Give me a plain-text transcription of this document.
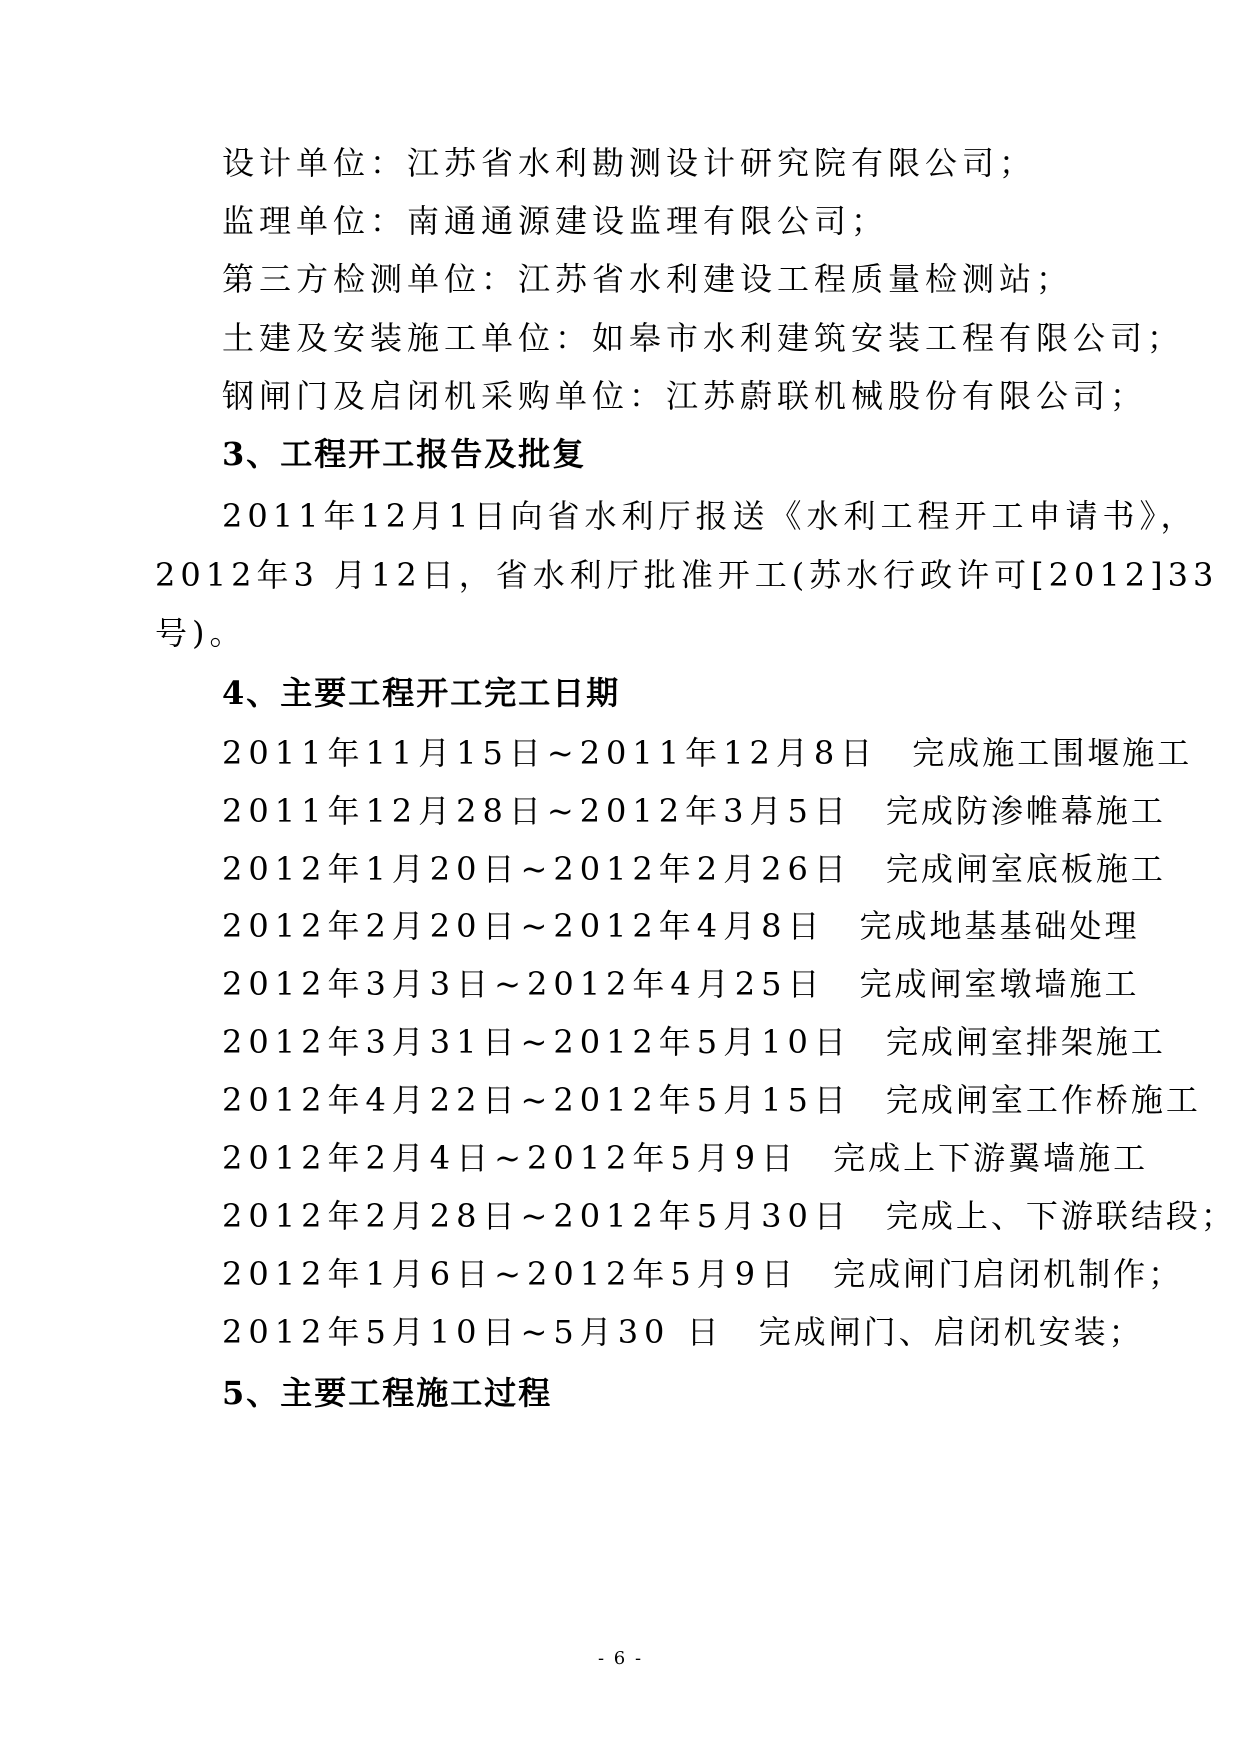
设计单位：江苏省水利勘测设计研究院有限公司；
监理单位：南通通源建设监理有限公司；
第三方检测单位：江苏省水利建设工程质量检测站；
土建及安装施工单位：如皋市水利建筑安装工程有限公司；
钢闸门及启闭机采购单位：江苏蔚联机械股份有限公司；
3、工程开工报告及批复
2011年12月1日向省水利厅报送《水利工程开工申请书》，
2012年3 月12日，省水利厅批准开工(苏水行政许可[2012]33
号)。
4、主要工程开工完工日期
2011年11月15日~2011年12月8日 完成施工围堰施工
2011年12月28日~2012年3月5日 完成防渗帷幕施工
2012年1月20日~2012年2月26日 完成闸室底板施工
2012年2月20日~2012年4月8日 完成地基基础处理
2012年3月3日~2012年4月25日 完成闸室墩墙施工
2012年3月31日~2012年5月10日 完成闸室排架施工
2012年4月22日~2012年5月15日 完成闸室工作桥施工
2012年2月4日~2012年5月9日 完成上下游翼墙施工
2012年2月28日~2012年5月30日 完成上、下游联结段；
2012年1月6日~2012年5月9日 完成闸门启闭机制作；
2012年5月10日~5月30 日 完成闸门、启闭机安装；
5、主要工程施工过程
- 6 -
